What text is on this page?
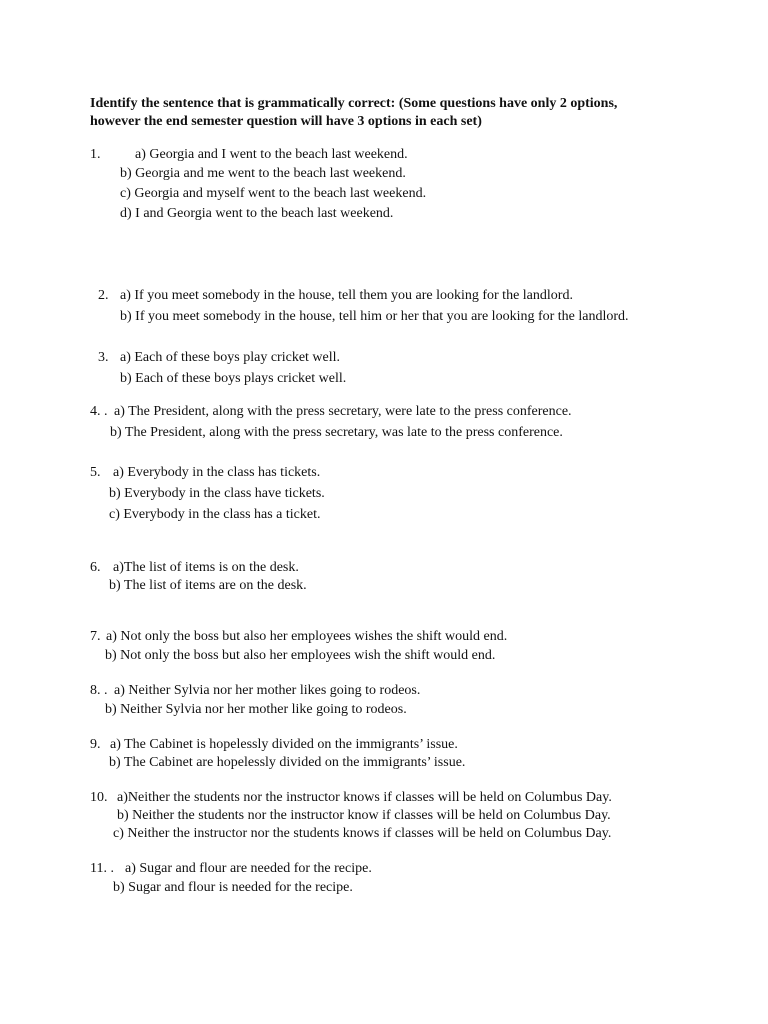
Identify the sentence that is grammatically correct: (Some questions have only 2 options,
however the end semester question will have 3 options in each set)
1. a) Georgia and I went to the beach last weekend.
b) Georgia and me went to the beach last weekend.
c) Georgia and myself went to the beach last weekend.
d) I and Georgia went to the beach last weekend.
2. a) If you meet somebody in the house, tell them you are looking for the landlord.
b) If you meet somebody in the house, tell him or her that you are looking for the landlord.
3. a) Each of these boys play cricket well.
b) Each of these boys plays cricket well.
4. . a) The President, along with the press secretary, were late to the press conference.
b) The President, along with the press secretary, was late to the press conference.
5. a) Everybody in the class has tickets.
b) Everybody in the class have tickets.
c) Everybody in the class has a ticket.
6. a)The list of items is on the desk.
b) The list of items are on the desk.
7. a) Not only the boss but also her employees wishes the shift would end.
b) Not only the boss but also her employees wish the shift would end.
8. . a) Neither Sylvia nor her mother likes going to rodeos.
b) Neither Sylvia nor her mother like going to rodeos.
9. a) The Cabinet is hopelessly divided on the immigrants’ issue.
b) The Cabinet are hopelessly divided on the immigrants’ issue.
10. a)Neither the students nor the instructor knows if classes will be held on Columbus Day.
b) Neither the students nor the instructor know if classes will be held on Columbus Day.
c) Neither the instructor nor the students knows if classes will be held on Columbus Day.
11. . a) Sugar and flour are needed for the recipe.
b) Sugar and flour is needed for the recipe.
